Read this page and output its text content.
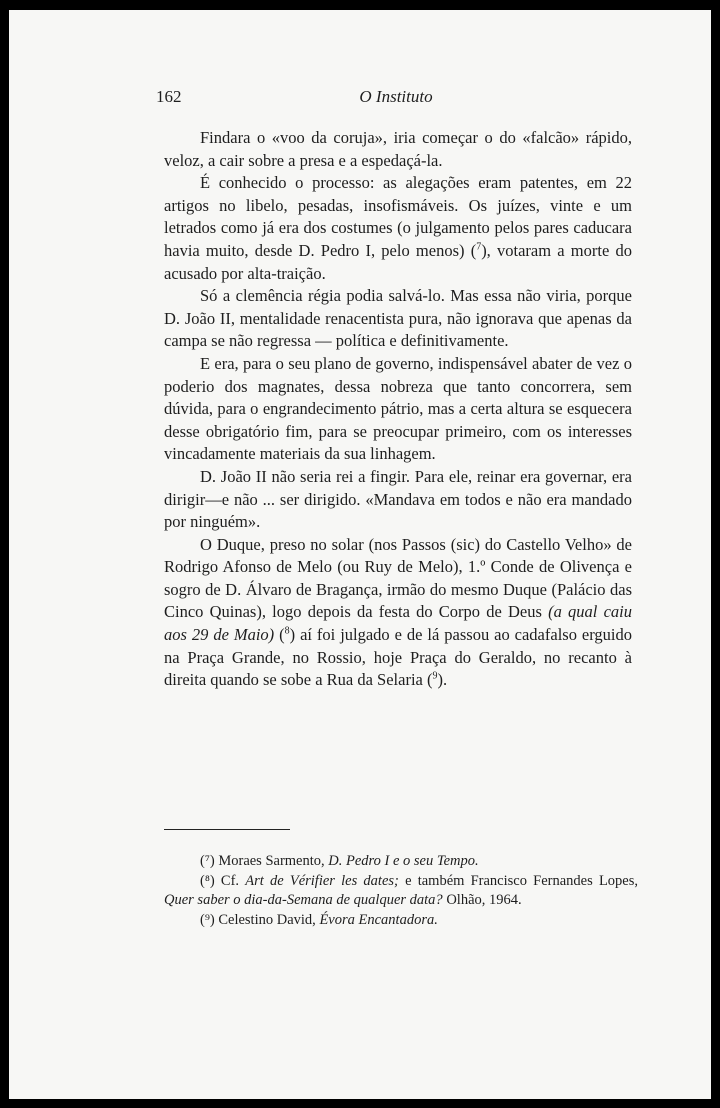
162	O Instituto

Findara o «voo da coruja», iria começar o do «falcão» rápido, veloz, a cair sobre a presa e a espedaçá-la.

É conhecido o processo: as alegações eram patentes, em 22 artigos no libelo, pesadas, insofismáveis. Os juízes, vinte e um letrados como já era dos costumes (o julgamento pelos pares caducara havia muito, desde D. Pedro I, pelo menos) ($^7$), votaram a morte do acusado por alta-traição.

Só a clemência régia podia salvá-lo. Mas essa não viria, porque D. João II, mentalidade renacentista pura, não ignorava que apenas da campa se não regressa — política e definitivamente.

E era, para o seu plano de governo, indispensável abater de vez o poderio dos magnates, dessa nobreza que tanto concorrera, sem dúvida, para o engrandecimento pátrio, mas a certa altura se esquecera desse obrigatório fim, para se preocupar primeiro, com os interesses vincadamente materiais da sua linhagem.

D. João II não seria rei a fingir. Para ele, reinar era governar, era dirigir—e não ... ser dirigido. «Mandava em todos e não era mandado por ninguém».

O Duque, preso no solar (nos Passos (sic) do Castello Velho» de Rodrigo Afonso de Melo (ou Ruy de Melo), 1.º Conde de Olivença e sogro de D. Álvaro de Bragança, irmão do mesmo Duque (Palácio das Cinco Quinas), logo depois da festa do Corpo de Deus (a qual caiu aos 29 de Maio) ($^8$) aí foi julgado e de lá passou ao cadafalso erguido na Praça Grande, no Rossio, hoje Praça do Geraldo, no recanto à direita quando se sobe a Rua da Selaria ($^9$).

(⁷) Moraes Sarmento, D. Pedro I e o seu Tempo.

(⁸) Cf. Art de Vérifier les dates; e também Francisco Fernandes Lopes, Quer saber o dia-da-Semana de qualquer data? Olhão, 1964.

(⁹) Celestino David, Évora Encantadora.
